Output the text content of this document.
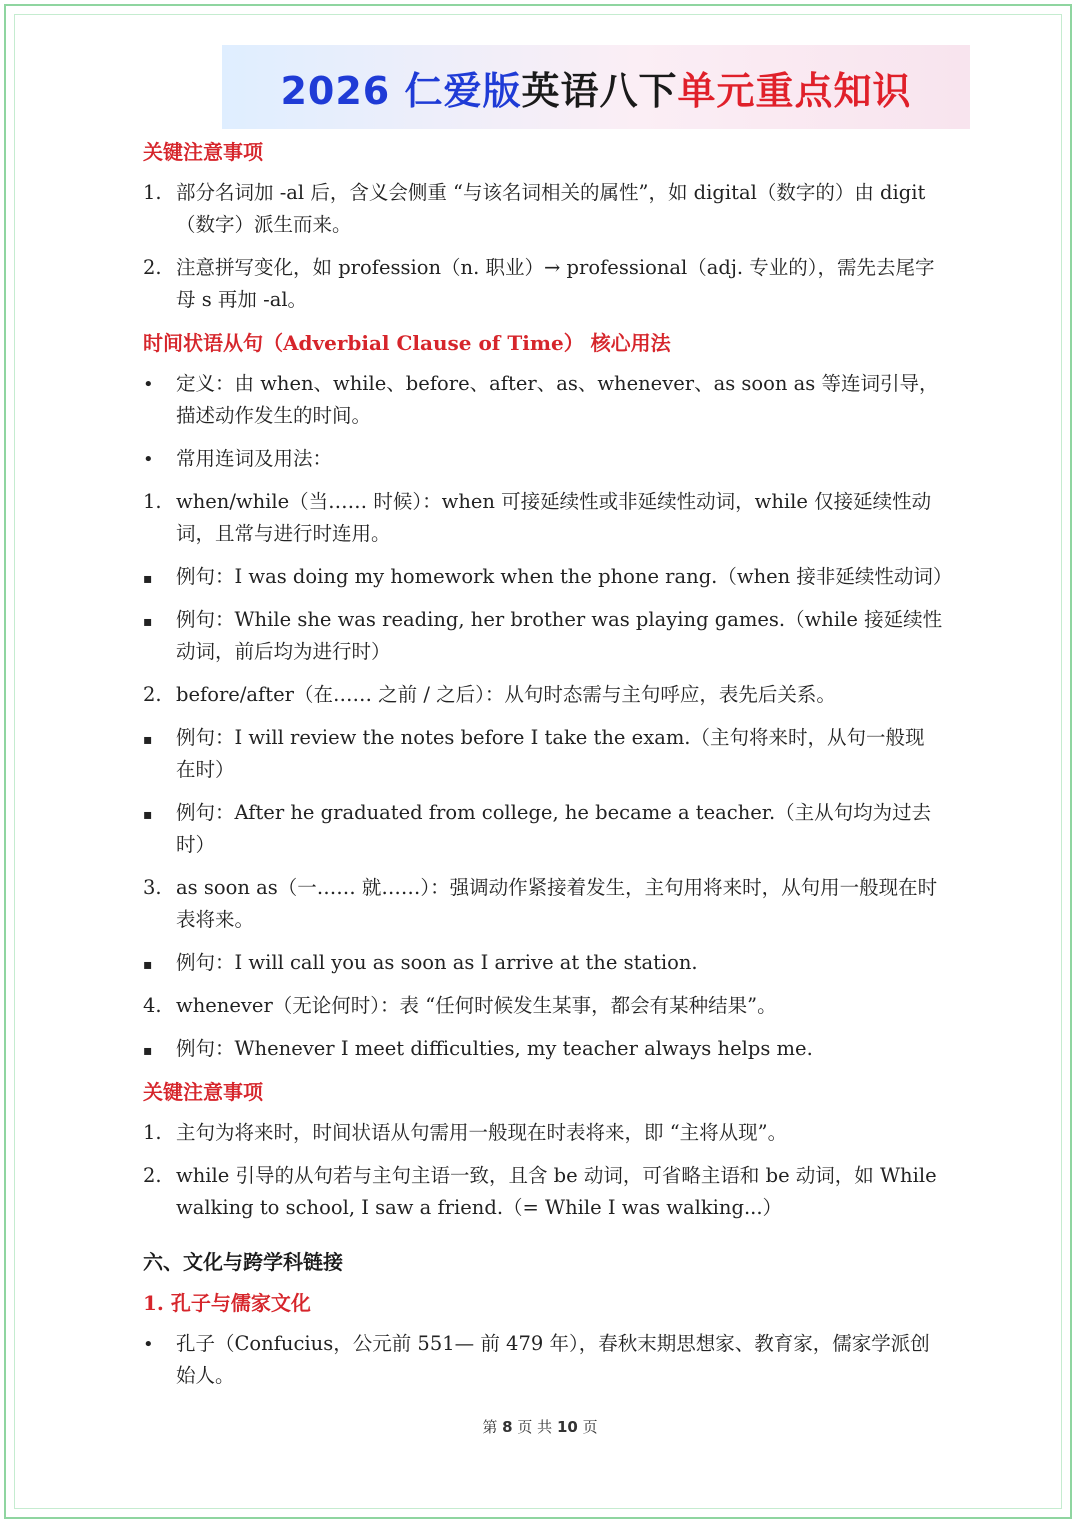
2026 仁爱版英语八下单元重点知识
关键注意事项
1. 部分名词加 -al 后，含义会侧重 “与该名词相关的属性”，如 digital（数字的）由 digit（数字）派生而来。
2. 注意拼写变化，如 profession（n. 职业）→ professional（adj. 专业的），需先去尾字母 s 再加 -al。
时间状语从句（Adverbial Clause of Time） 核心用法
•
定义：由 when、while、before、after、as、whenever、as soon as 等连词引导，描述动作发生的时间。
•
常用连词及用法：
1. when/while（当…… 时候）：when 可接延续性或非延续性动词，while 仅接延续性动词，且常与进行时连用。
▪
例句：I was doing my homework when the phone rang.（when 接非延续性动词）
▪
例句：While she was reading, her brother was playing games.（while 接延续性动词，前后均为进行时）
2. before/after（在…… 之前 / 之后）：从句时态需与主句呼应，表先后关系。
▪
例句：I will review the notes before I take the exam.（主句将来时，从句一般现在时）
▪
例句：After he graduated from college, he became a teacher.（主从句均为过去时）
3. as soon as（一…… 就……）：强调动作紧接着发生，主句用将来时，从句用一般现在时表将来。
▪
例句：I will call you as soon as I arrive at the station.
4. whenever（无论何时）：表 “任何时候发生某事，都会有某种结果”。
▪
例句：Whenever I meet difficulties, my teacher always helps me.
关键注意事项
1. 主句为将来时，时间状语从句需用一般现在时表将来，即 “主将从现”。
2. while 引导的从句若与主句主语一致，且含 be 动词，可省略主语和 be 动词，如 While walking to school, I saw a friend.（= While I was walking...）
六、文化与跨学科链接
1. 孔子与儒家文化
•
孔子（Confucius，公元前 551— 前 479 年），春秋末期思想家、教育家，儒家学派创始人。
第 8 页 共 10 页
